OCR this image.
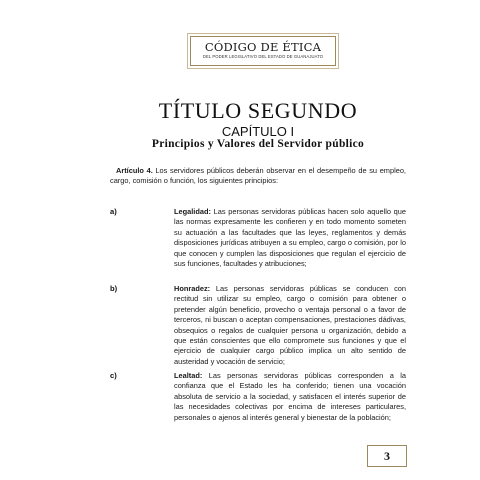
CÓDIGO DE ÉTICA
DEL PODER LEGISLATIVO DEL ESTADO DE GUANAJUATO
TÍTULO SEGUNDO
CAPÍTULO I
Principios y Valores del Servidor público
Artículo 4. Los servidores públicos deberán observar en el desempeño de su empleo, cargo, comisión o función, los siguientes principios:
a)	Legalidad: Las personas servidoras públicas hacen solo aquello que las normas expresamente les confieren y en todo momento someten su actuación a las facultades que las leyes, reglamentos y demás disposiciones jurídicas atribuyen a su empleo, cargo o comisión, por lo que conocen y cumplen las disposiciones que regulan el ejercicio de sus funciones, facultades y atribuciones;
b)	Honradez: Las personas servidoras públicas se conducen con rectitud sin utilizar su empleo, cargo o comisión para obtener o pretender algún beneficio, provecho o ventaja personal o a favor de terceros, ni buscan o aceptan compensaciones, prestaciones dádivas, obsequios o regalos de cualquier persona u organización, debido a que están conscientes que ello compromete sus funciones y que el ejercicio de cualquier cargo público implica un alto sentido de austeridad y vocación de servicio;
c)	Lealtad: Las personas servidoras públicas corresponden a la confianza que el Estado les ha conferido; tienen una vocación absoluta de servicio a la sociedad, y satisfacen el interés superior de las necesidades colectivas por encima de intereses particulares, personales o ajenos al interés general y bienestar de la población;
3
